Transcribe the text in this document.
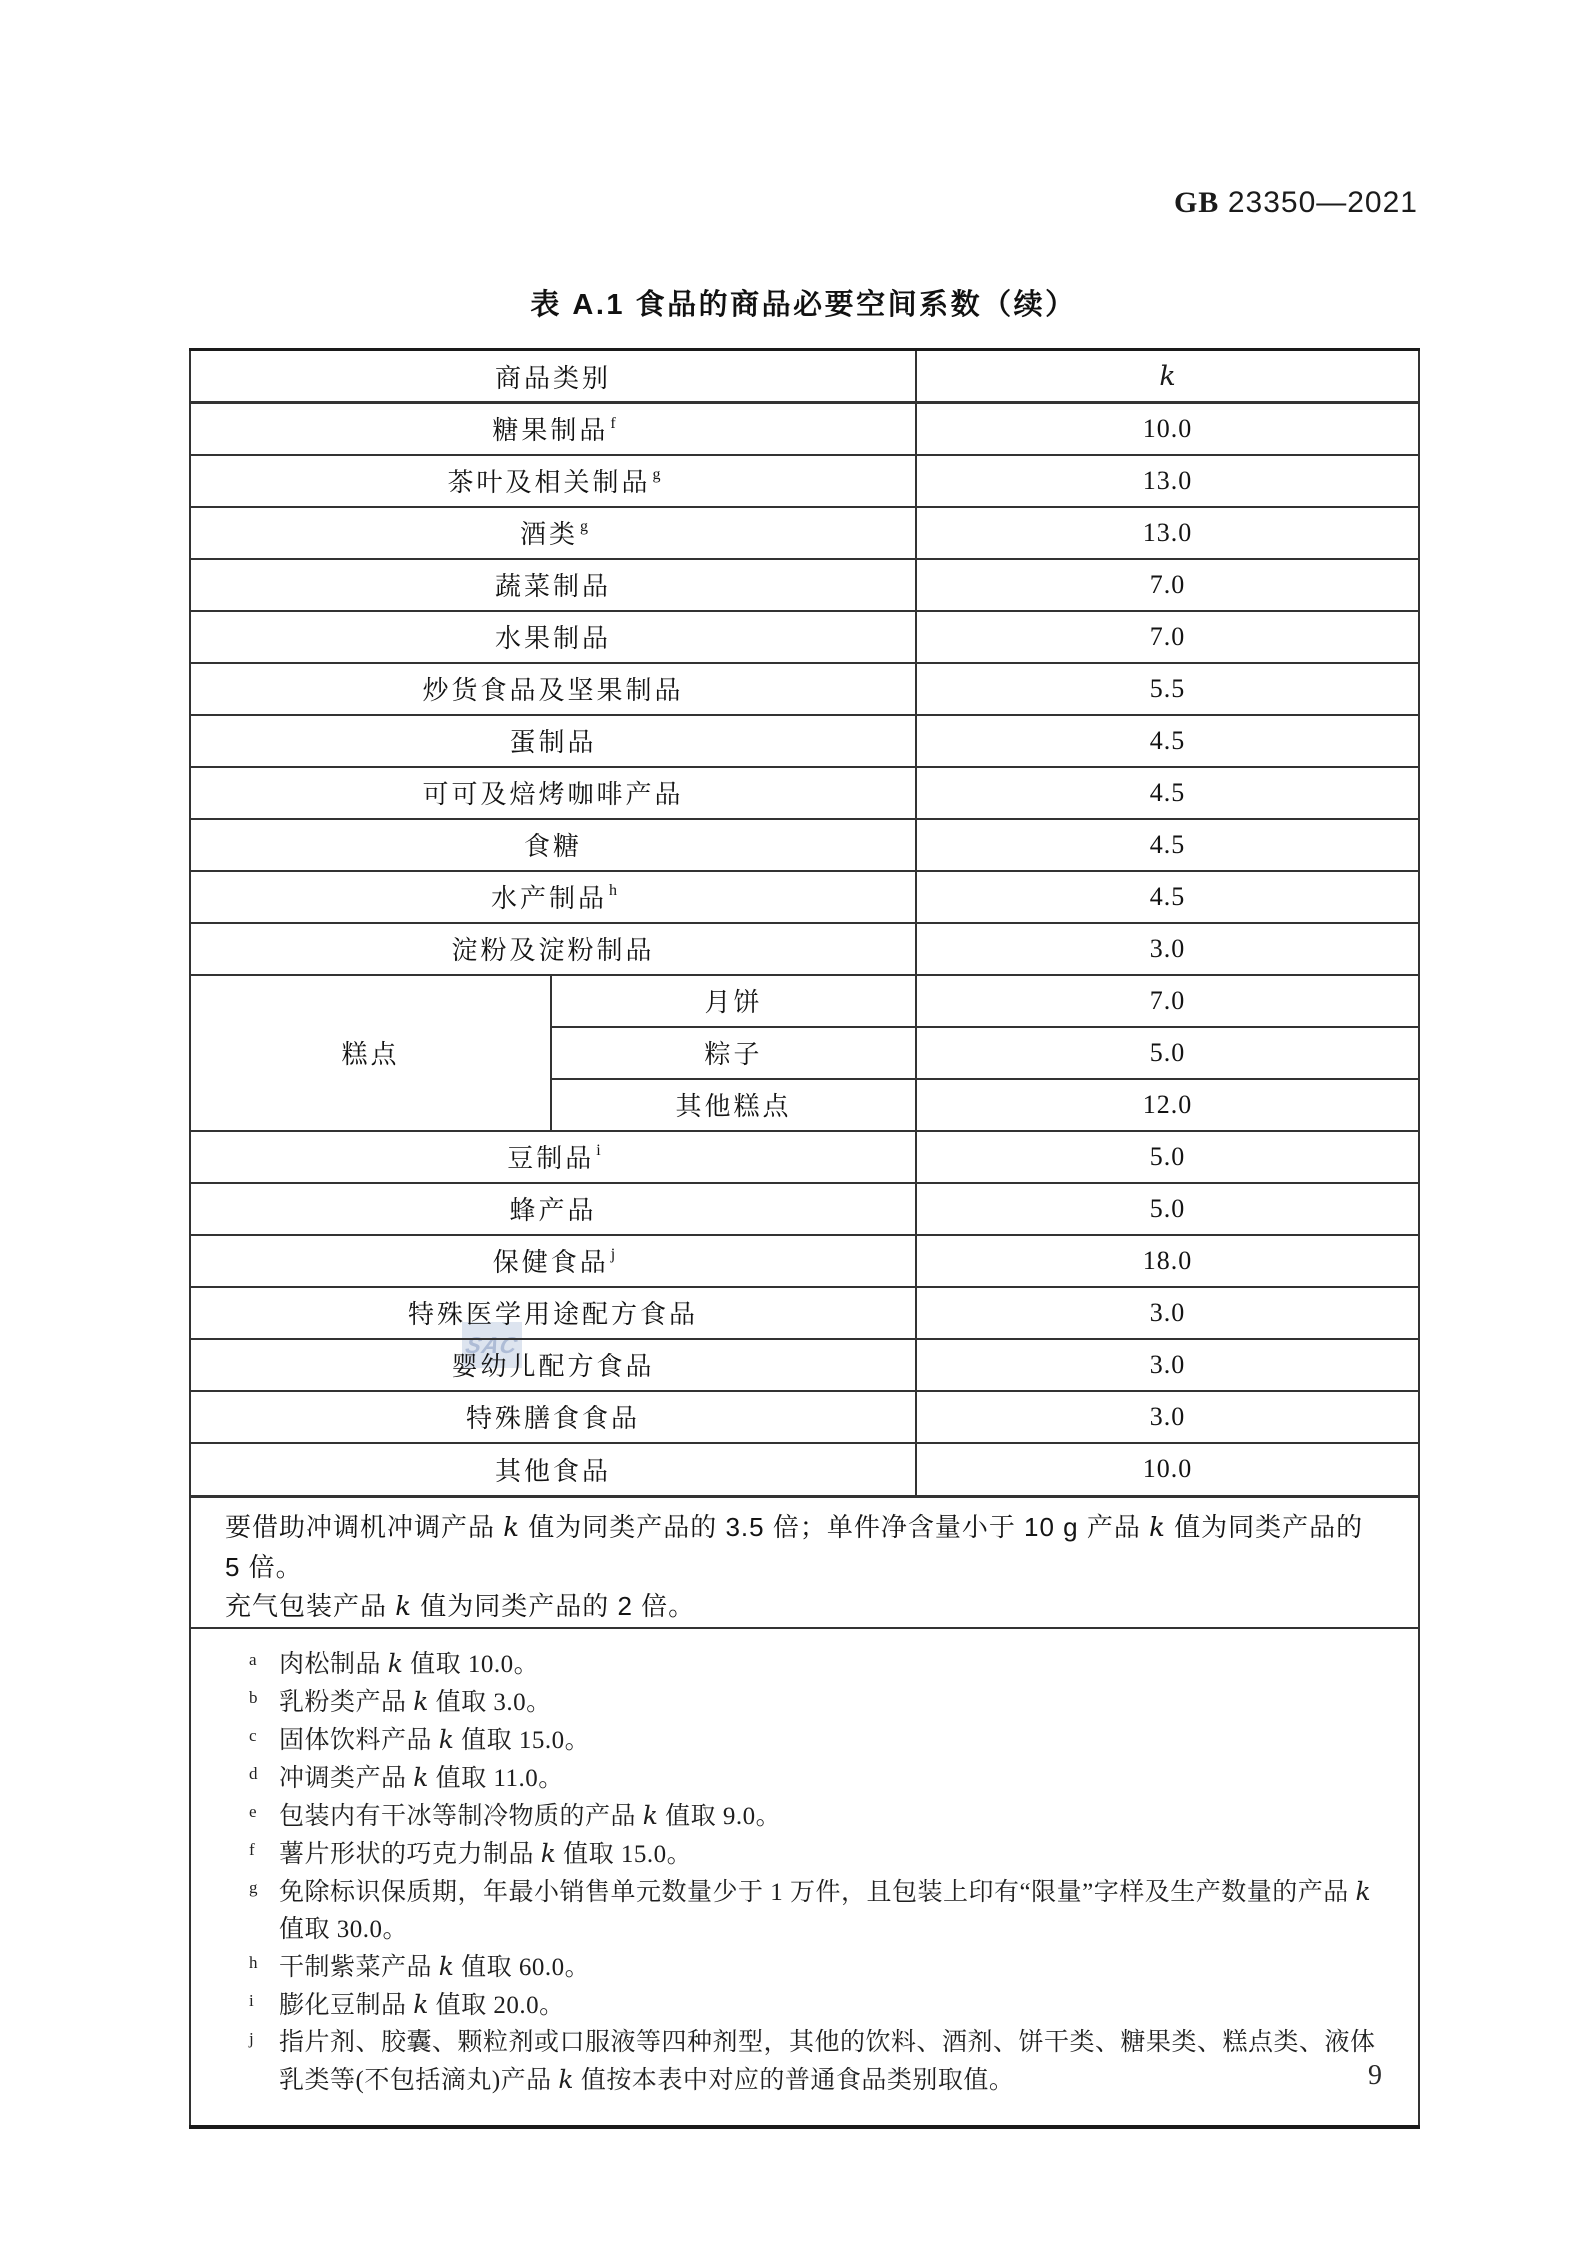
GB 23350—2021
表 A.1 食品的商品必要空间系数（续）
SAC
商品类别		k
糖果制品 $^f$		10.0
茶叶及相关制品 $^g$		13.0
酒类 $^g$		13.0
蔬菜制品		7.0
水果制品		7.0
炒货食品及坚果制品		5.5
蛋制品		4.5
可可及焙烤咖啡产品		4.5
食糖		4.5
水产制品 $^h$		4.5
淀粉及淀粉制品		3.0
糕点	月饼	7.0
	粽子	5.0
	其他糕点	12.0
豆制品 $^i$		5.0
蜂产品		5.0
保健食品 $^j$		18.0
特殊医学用途配方食品		3.0
婴幼儿配方食品		3.0
特殊膳食食品		3.0
其他食品		10.0

要借助冲调机冲调产品 k 值为同类产品的 3.5 倍；单件净含量小于 10 g 产品 k 值为同类产品的 5 倍。
充气包装产品 k 值为同类产品的 2 倍。		

a 肉松制品 k 值取 10.0。
b 乳粉类产品 k 值取 3.0。
c 固体饮料产品 k 值取 15.0。
d 冲调类产品 k 值取 11.0。
e 包装内有干冰等制冷物质的产品 k 值取 9.0。
f 薯片形状的巧克力制品 k 值取 15.0。
g 免除标识保质期，年最小销售单元数量少于 1 万件，且包装上印有“限量”字样及生产数量的产品 k 值取 30.0。
h 干制紫菜产品 k 值取 60.0。
i	膨化豆制品 k 值取 20.0。
j	指片剂、胶囊、颗粒剂或口服液等四种剂型，其他的饮料、酒剂、饼干类、糖果类、糕点类、液体乳类等(不包括滴丸)产品 k 值按本表中对应的普通食品类别取值。	9
